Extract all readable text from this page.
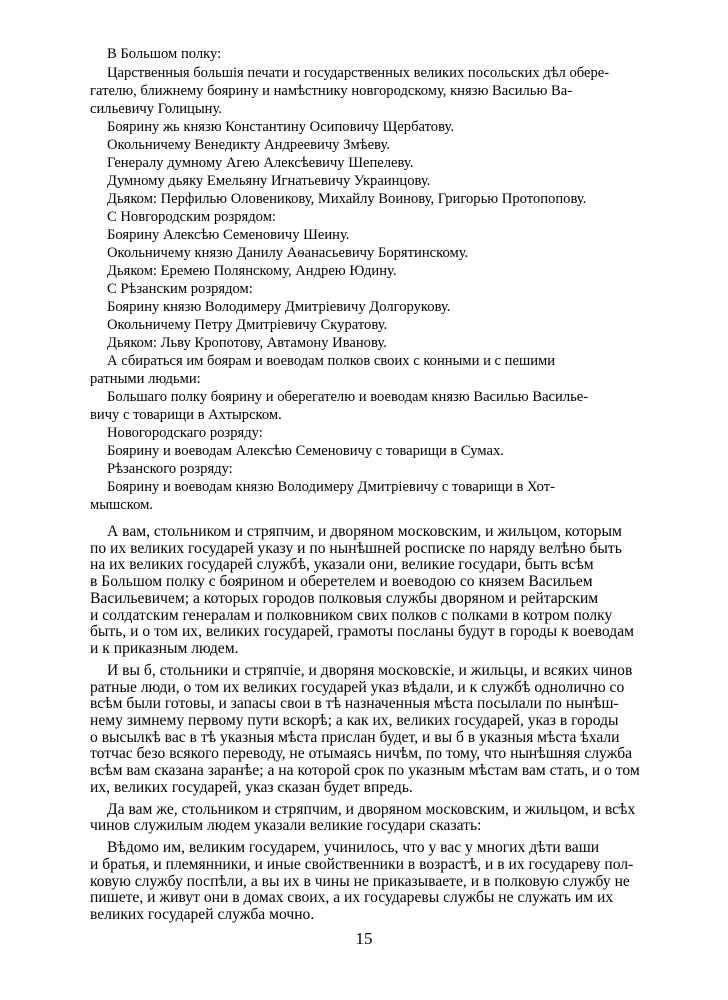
В Большом полку:
Царственныя большія печати и государственных великих посольских дѣл обере-
гателю, ближнему боярину и намѣстнику новгородскому, князю Василью Ва-
сильевичу Голицыну.
Боярину жь князю Константину Осиповичу Щербатову.
Окольничему Венедикту Андреевичу Змѣеву.
Генералу думному Агею Алексѣевичу Шепелеву.
Думному дьяку Емельяну Игнатьевичу Украинцову.
Дьяком: Перфилью Оловеникову, Михайлу Воинову, Григорью Протопопову.
С Новгородским розрядом:
Боярину Алексѣю Семеновичу Шеину.
Окольничему князю Данилу Аѳанасьевичу Борятинскому.
Дьяком: Еремею Полянскому, Андрею Юдину.
С Рѣзанским розрядом:
Боярину князю Володимеру Дмитрiевичу Долгорукову.
Окольничему Петру Дмитрiевичу Скуратову.
Дьяком: Льву Кропотову, Автамону Иванову.
А сбираться им боярам и воеводам полков своих с конными и с пешими
ратными людьми:
Большаго полку боярину и оберегателю и воеводам князю Василью Василье-
вичу с товарищи в Ахтырском.
Новогородскаго розряду:
Боярину и воеводам Алексѣю Семеновичу с товарищи в Сумах.
Рѣзанского розряду:
Боярину и воеводам князю Володимеру Дмитрiевичу с товарищи в Хот-
мышском.
А вам, стольником и стряпчим, и дворяном московским, и жильцом, которым
по их великих государей указу и по нынѣшней росписке по наряду велѣно быть
на их великих государей службѣ, указали они, великие государи, быть всѣм
в Большом полку с боярином и оберетелем и воеводою со князем Васильем
Васильевичем; а которых городов полковыя службы дворяном и рейтарским
и солдатским генералам и полковником свих полков с полками в котром полку
быть, и о том их, великих государей, грамоты посланы будут в городы к воеводам
и к приказным людем.
И вы б, стольники и стряпчіе, и дворяня московскіе, и жильцы, и всяких чинов
ратные люди, о том их великих государей указ вѣдали, и к службѣ однолично со
всѣм были готовы, и запасы свои в тѣ назначенныя мѣста посылали по нынѣш-
нему зимнему первому пути вскорѣ; а как их, великих государей, указ в городы
о высылкѣ вас в тѣ указныя мѣста прислан будет, и вы б в указныя мѣста ѣхали
тотчас безо всякого переводу, не отымаясь ничѣм, по тому, что нынѣшняя служба
всѣм вам сказана заранѣе; а на которой срок по указным мѣстам вам стать, и о том
их, великих государей, указ сказан будет впредь.
Да вам же, стольником и стряпчим, и дворяном московским, и жильцом, и всѣх
чинов служилым людем указали великие государи сказать:
Вѣдомо им, великим государем, учинилось, что у вас у многих дѣти ваши
и братья, и племянники, и иные свойственники в возрастѣ, и в их государеву пол-
ковую службу поспѣли, а вы их в чины не приказываете, и в полковую службу не
пишете, и живут они в домах своих, а их государевы службы не служать им их
великих государей служба мочно.
15
